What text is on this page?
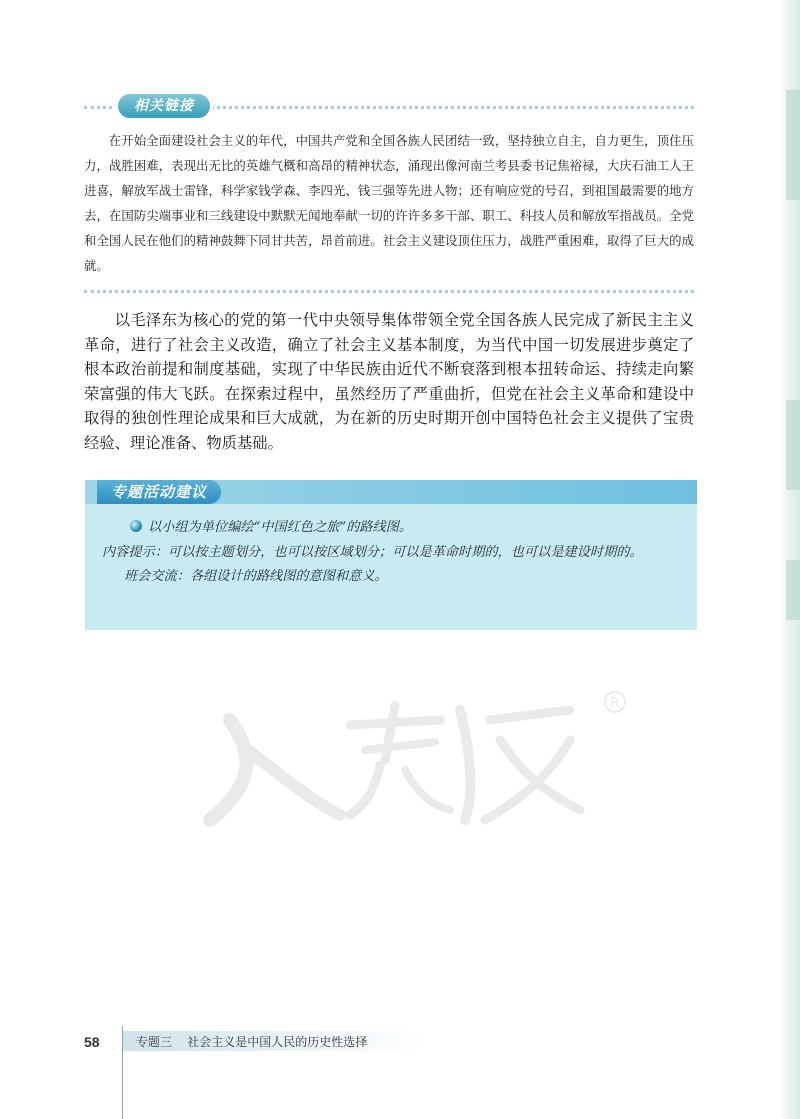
相关链接
在开始全面建设社会主义的年代，中国共产党和全国各族人民团结一致，坚持独立自主，自力更生，顶住压力，战胜困难，表现出无比的英雄气概和高昂的精神状态，涌现出像河南兰考县委书记焦裕禄，大庆石油工人王进喜，解放军战士雷锋，科学家钱学森、李四光、钱三强等先进人物；还有响应党的号召，到祖国最需要的地方去，在国防尖端事业和三线建设中默默无闻地奉献一切的许许多多干部、职工、科技人员和解放军指战员。全党和全国人民在他们的精神鼓舞下同甘共苦，昂首前进。社会主义建设顶住压力，战胜严重困难，取得了巨大的成就。
以毛泽东为核心的党的第一代中央领导集体带领全党全国各族人民完成了新民主主义革命，进行了社会主义改造，确立了社会主义基本制度，为当代中国一切发展进步奠定了根本政治前提和制度基础，实现了中华民族由近代不断衰落到根本扭转命运、持续走向繁荣富强的伟大飞跃。在探索过程中，虽然经历了严重曲折，但党在社会主义革命和建设中取得的独创性理论成果和巨大成就，为在新的历史时期开创中国特色社会主义提供了宝贵经验、理论准备、物质基础。
专题活动建议

以小组为单位编绘“中国红色之旅”的路线图。

内容提示：可以按主题划分，也可以按区域划分；可以是革命时期的，也可以是建设时期的。

班会交流：各组设计的路线图的意图和意义。

R
58	专题三    社会主义是中国人民的历史性选择
